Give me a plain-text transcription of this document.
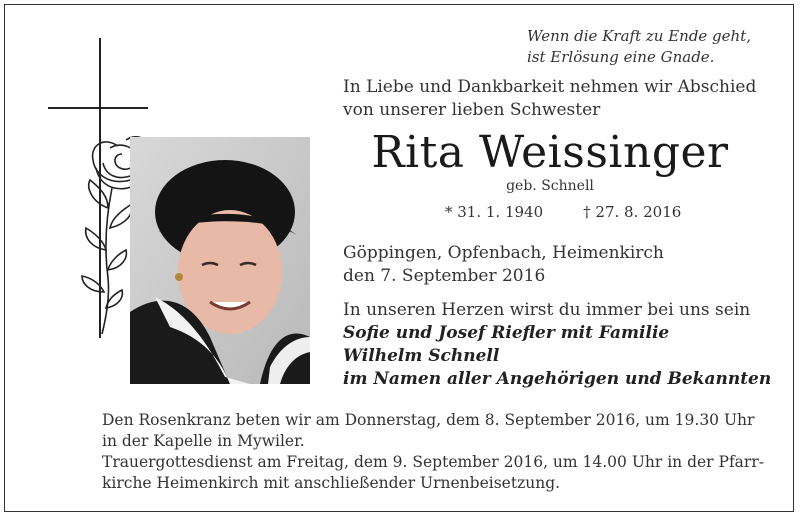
Wenn die Kraft zu Ende geht,
ist Erlösung eine Gnade.
In Liebe und Dankbarkeit nehmen wir Abschied
von unserer lieben Schwester
Rita Weissinger
geb. Schnell
* 31. 1. 1940	† 27. 8. 2016
Göppingen, Opfenbach, Heimenkirch
den 7. September 2016
In unseren Herzen wirst du immer bei uns sein
Sofie und Josef Riefler mit Familie
Wilhelm Schnell
im Namen aller Angehörigen und Bekannten
Den Rosenkranz beten wir am Donnerstag, dem 8. September 2016, um 19.30 Uhr
in der Kapelle in Mywiler.
Trauergottesdienst am Freitag, dem 9. September 2016, um 14.00 Uhr in der Pfarr-
kirche Heimenkirch mit anschließender Urnenbeisetzung.
